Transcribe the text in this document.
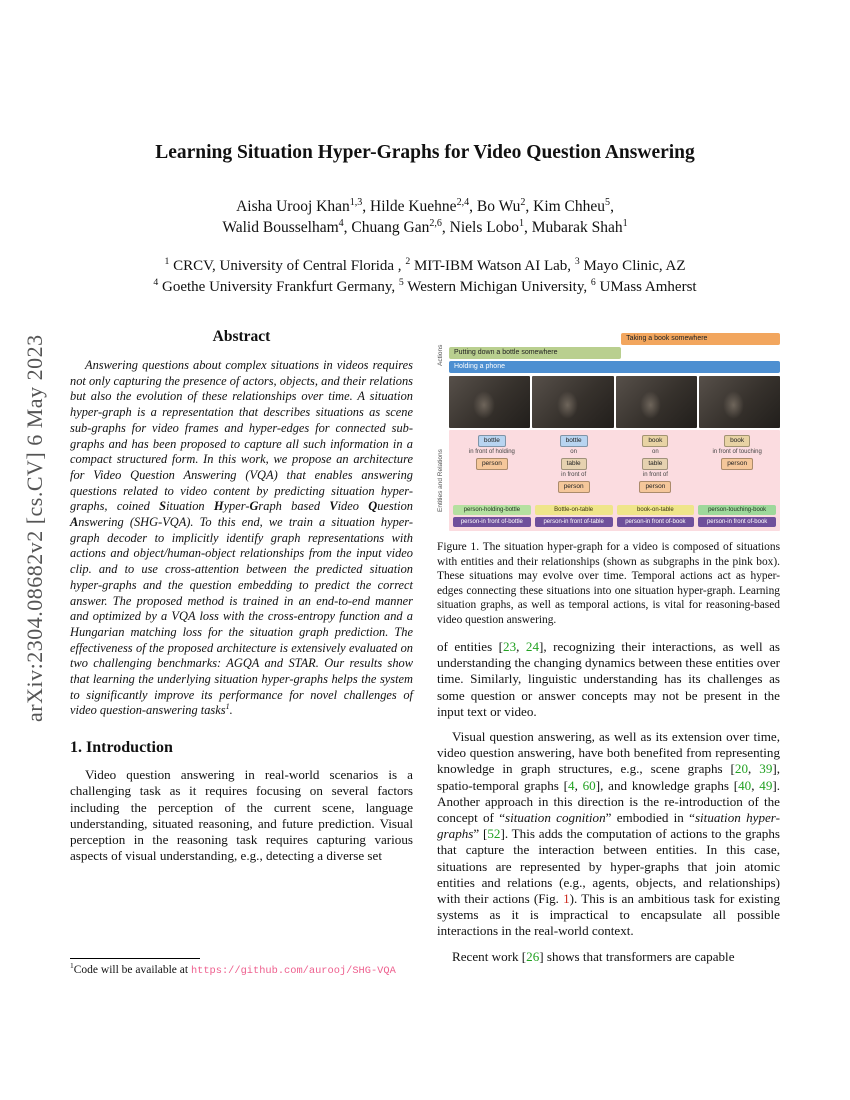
arXiv:2304.08682v2 [cs.CV] 6 May 2023
Learning Situation Hyper-Graphs for Video Question Answering
Aisha Urooj Khan$^{1,3}$, Hilde Kuehne$^{2,4}$, Bo Wu$^2$, Kim Chheu$^5$,
Walid Bousselham$^4$, Chuang Gan$^{2,6}$, Niels Lobo$^1$, Mubarak Shah$^1$
$^1$ CRCV, University of Central Florida , $^2$ MIT-IBM Watson AI Lab, $^3$ Mayo Clinic, AZ
$^4$ Goethe University Frankfurt Germany, $^5$ Western Michigan University, $^6$ UMass Amherst
Abstract

Answering questions about complex situations in videos requires not only capturing the presence of actors, objects, and their relations but also the evolution of these relationships over time. A situation hyper-graph is a representation that describes situations as scene sub-graphs for video frames and hyper-edges for connected sub-graphs and has been proposed to capture all such information in a compact structured form. In this work, we propose an architecture for Video Question Answering (VQA) that enables answering questions related to video content by predicting situation hyper-graphs, coined Situation Hyper-Graph based Video Question Answering (SHG-VQA). To this end, we train a situation hyper-graph decoder to implicitly identify graph representations with actions and object/human-object relationships from the input video clip. and to use cross-attention between the predicted situation hyper-graphs and the question embedding to predict the correct answer. The proposed method is trained in an end-to-end manner and optimized by a VQA loss with the cross-entropy function and a Hungarian matching loss for the situation graph prediction. The effectiveness of the proposed architecture is extensively evaluated on two challenging benchmarks: AGQA and STAR. Our results show that learning the underlying situation hyper-graphs helps the system to significantly improve its performance for novel challenges of video question-answering tasks$^1$.

1. Introduction

Video question answering in real-world scenarios is a challenging task as it requires focusing on several factors including the perception of the current scene, language understanding, situated reasoning, and future prediction. Visual perception in the reasoning task requires capturing various aspects of visual understanding, e.g., detecting a diverse set

$^1$Code will be available at https://github.com/aurooj/SHG-VQA
Actions
Entities and Relations
Taking a book somewhere
Putting down a bottle somewhere
Holding a phone
bottle
in front of holding
person
person-holding-bottle
person-in front of-bottle
bottle
on
table
in front of
person
Bottle-on-table
person-in front of-table
book
on
table
in front of
person
book-on-table
person-in front of-book
book
in front of touching
person
person-touching-book
person-in front of-book

Figure 1. The situation hyper-graph for a video is composed of situations with entities and their relationships (shown as subgraphs in the pink box). These situations may evolve over time. Temporal actions act as hyper-edges connecting these situations into one situation hyper-graph. Learning situation graphs, as well as temporal actions, is vital for reasoning-based video question answering.

of entities [23, 24], recognizing their interactions, as well as understanding the changing dynamics between these entities over time. Similarly, linguistic understanding has its challenges as some question or answer concepts may not be present in the input text or video.

Visual question answering, as well as its extension over time, video question answering, have both benefited from representing knowledge in graph structures, e.g., scene graphs [20, 39], spatio-temporal graphs [4, 60], and knowledge graphs [40, 49]. Another approach in this direction is the re-introduction of the concept of “situation cognition” embodied in “situation hyper-graphs” [52]. This adds the computation of actions to the graphs that capture the interaction between entities. In this case, situations are represented by hyper-graphs that join atomic entities and relations (e.g., agents, objects, and relationships) with their actions (Fig. 1). This is an ambitious task for existing systems as it is impractical to encapsulate all possible interactions in the real-world context.

Recent work [26] shows that transformers are capable
